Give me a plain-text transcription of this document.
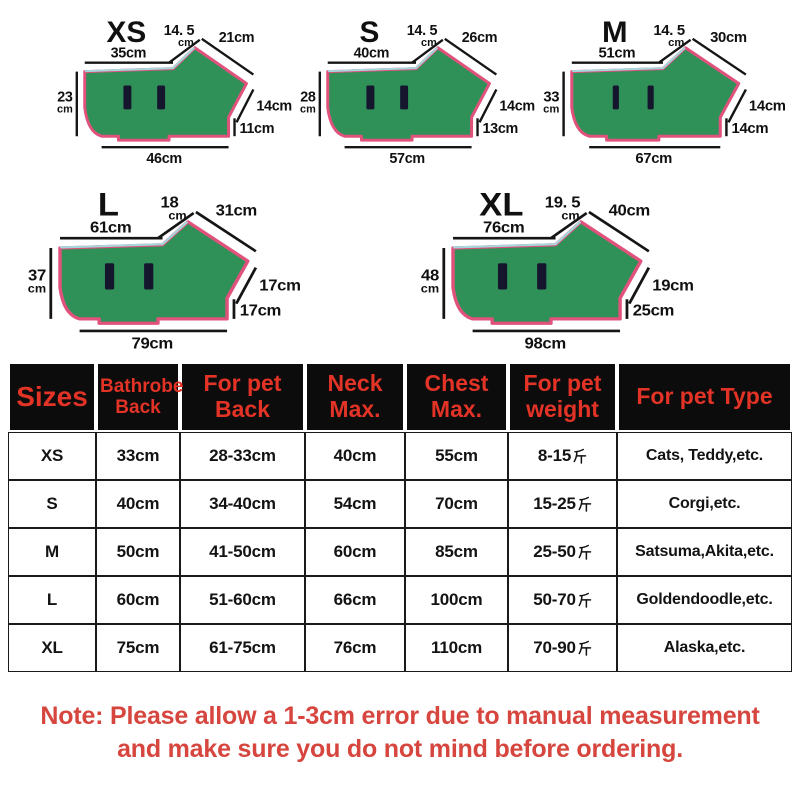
XS
35cm
14. 5
cm 21cm
23
cm	14cm
11cm
46cm
S
40cm
14. 5
cm 26cm
28
cm	14cm
13cm
57cm
M
51cm
14. 5
cm 30cm
33
cm	14cm
14cm
67cm
L
61cm
18
cm 31cm
37
cm	17cm
17cm
79cm
XL
76cm
19. 5
cm 40cm
48
cm	19cm
25cm
98cm
Sizes	Bathrobe Back	For pet Back	Neck Max.	Chest Max.	For pet weight	For pet Type
XS	33cm	28-33cm	40cm	55cm	8-15	Cats, Teddy,etc.
S	40cm	34-40cm	54cm	70cm	15-25	Corgi,etc.
M	50cm	41-50cm	60cm	85cm	25-50	Satsuma,Akita,etc.
L	60cm	51-60cm	66cm	100cm	50-70	Goldendoodle,etc.
XL	75cm	61-75cm	76cm	110cm	70-90	Alaska,etc.
Note: Please allow a 1-3cm error due to manual measurement
and make sure you do not mind before ordering.
